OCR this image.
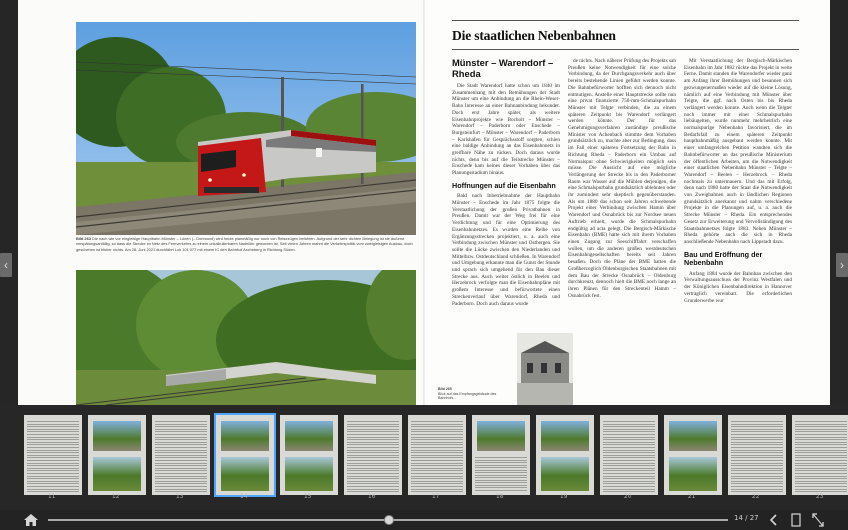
Bild 263 Die nach wie vor eingleisige Hauptbahn Münster – Lünen (– Dortmund) wird heute planmäßig nur noch von Reisezügen befahren. Aufgrund der sehr dichten Belegung ist sie äußerst verspätungsanfällig, so dass die Strecke im Netz des Fernverkehrs zu einem unkalkulierbaren Nadelöhr geworden ist. Seit vielen Jahren mahnt die Verkehrspolitik vom zweigleisigen Ausbau, doch geschehen ist bisher nichts. Am 28. Juni 2021 durchfährt Lok 101 077 mit einem IC den Bahnhof Ascheberg in Richtung Süden.
Die staatlichen Nebenbahnen
Münster – Warendorf – Rheda

Die Stadt Warendorf hatte schon um 1840 im Zusammenhang mit den Bemühungen der Stadt Münster um eine Anbindung an die Rhein-Weser-Bahn Interesse an einer Bahnanbindung bekundet. Doch erst Jahre später, als weitere Eisenbahnprojekte wie Bocholt – Münster – Warendorf – Paderborn oder Enschede – Burgsteinfurt – Münster – Warendorf – Paderborn – Karlshafen für Gesprächsstoff sorgten, schien eine baldige Anbindung an das Eisenbahnnetz in greifbare Nähe zu rücken. Doch daraus wurde nichts, denn bis auf die Teilstrecke Münster – Enschede kam keines dieser Vorhaben über das Planungsstadium hinaus.

Hoffnungen auf die Eisenbahn

Bald nach Inbetriebnahme der Hauptbahn Münster – Enschede im Jahr 1875 folgte die Verstaatlichung der großen Privatbahnen in Preußen. Damit war der Weg frei für eine Verdichtung und für eine Optimierung des Eisenbahnnetzes. Es wurden eine Reihe von Ergänzungsstrecken projektiert, u. a. auch eine Verbindung zwischen Münster und Ostbergen. Sie sollte die Lücke zwischen den Niederlanden und Mittelbzw. Ostdeutschland schließen. In Warendorf und Umgebung erkannte man die Gunst der Stunde und sprach sich umgehend für den Bau dieser Strecke aus. Auch weiter östlich in Beelen und Herzebrock verfolgte man die Eisenbahnpläne mit großem Interesse und befürwortete einen Streckenverlauf über Warendorf, Rheda und Paderborn. Doch auch daraus wurde

de nichts. Nach näherer Prüfung des Projekts sah Preußen keine Notwendigkeit für eine solche Verbindung, da der Durchgangsverkehr auch über bereits bestehende Linien geführt werden konnte. Die Bahnbefürworter hofften sich dennoch nicht entmutigen. Anstelle einer Hauptstrecke sollte nun eine privat finanzierte 750-mm-Schmalspurbahn Münster mit Telgte verbinden, die zu einem späteren Zeitpunkt bis Warendorf verlängert werden könnte. Der für das Genehmigungsverfahren zuständige preußische Minister von Achenbach stimmte dem Vorhaben grundsätzlich zu, machte aber zur Bedingung, dass im Fall einer späteren Fortsetzung der Bahn in Richtung Rheda – Paderborn ein Umbau auf Normalspur ohne Schwierigkeiten möglich sein müsse. Die Aussicht auf eine mögliche Verlängerung der Strecke bis in den Paderborner Raum war Wasser auf die Mühlen derjenigen, die eine Schmalspurbahn grundsätzlich ablehnten oder ihr zumindest sehr skeptisch gegenüberstanden. Als um 1880 das schon seit Jahren schwebende Projekt einer Verbindung zwischen Hamm über Warendorf und Osnabrück bis zur Nordsee neuen Auftrieb erhielt, wurde die Schmalspurbahn endgültig ad acta gelegt. Die Bergisch-Märkische Eisenbahn (BME) hatte sich mit ihrem Vorhaben einen Zugang zur Seeschifffahrt verschaffen wollen, um die anderen großen westdeutschen Eisenbahngesellschaften bereits seit Jahren besaßen. Doch die Pläne der BME hatten die Großherzoglich Oldenburgischen Staatsbahnen mit dem Bau der Strecke Osnabrück – Oldenburg durchkreuzt, dennoch hielt die BME noch lange an ihren Plänen für den Streckenteil Hamm – Osnabrück fest.

Mit Verstaatlichung der Bergisch-Märkischen Eisenbahn im Jahr 1882 rückte das Projekt in weite Ferne. Damit standen die Warendorfer wieder ganz am Anfang ihrer Bemühungen und besannen sich gezwungenermaßen wieder auf die kleine Lösung, nämlich auf eine Verbindung mit Münster über Telgte, die ggf. nach Osten bis bis Rheda verlängert werden konnte. Auch wenn die Telgter noch immer mit einer Schmalspurbahn liebäugelten, wurde nunmehr mehrheitlich eine normalspurige Nebenbahn favorisiert, die im Bedarfsfall zu einem späteren Zeitpunkt hauptbahnmäßig ausgebaut werden konnte. Mit einer umfangreichen Petition wandten sich die Bahnbefürworter an das preußische Ministerium der öffentlichen Arbeiten, um die Notwendigkeit einer staatlichen Nebenbahn Münster – Telgte – Warendorf – Beelen – Herzebrock – Rheda nochmals zu untermauern. Und das mit Erfolg, denn nach 1880 hatte der Staat die Notwendigkeit von Zweigbahnen auch in ländlichen Regionen grundsätzlich anerkannt und nahm verschiedene Projekte in die Planungen auf, u. a. auch die Strecke Münster – Rheda. Ein entsprechendes Gesetz zur Erweiterung und Vervollständigung des Staatsbahnnetzes folgte 1883. Neben Münster – Rheda gehörte auch die sich in Rheda anschließende Nebenbahn nach Lippstadt dazu.

Bau und Eröffnung der Nebenbahn

Anfang 1884 wurde der Bahnbau zwischen den Verwaltungsausschuss der Provinz Westfalen und der Königlichen Eisenbahndirektion in Hannover vertraglich vereinbart. Die erforderlichen Grunderwerbe wur

Bild 265
Blick auf das Empfangsgebäude des Bahnhofs...
‹	›
11	12	13	14	15	16	17	18	19	20	21	22	23
14 / 27
